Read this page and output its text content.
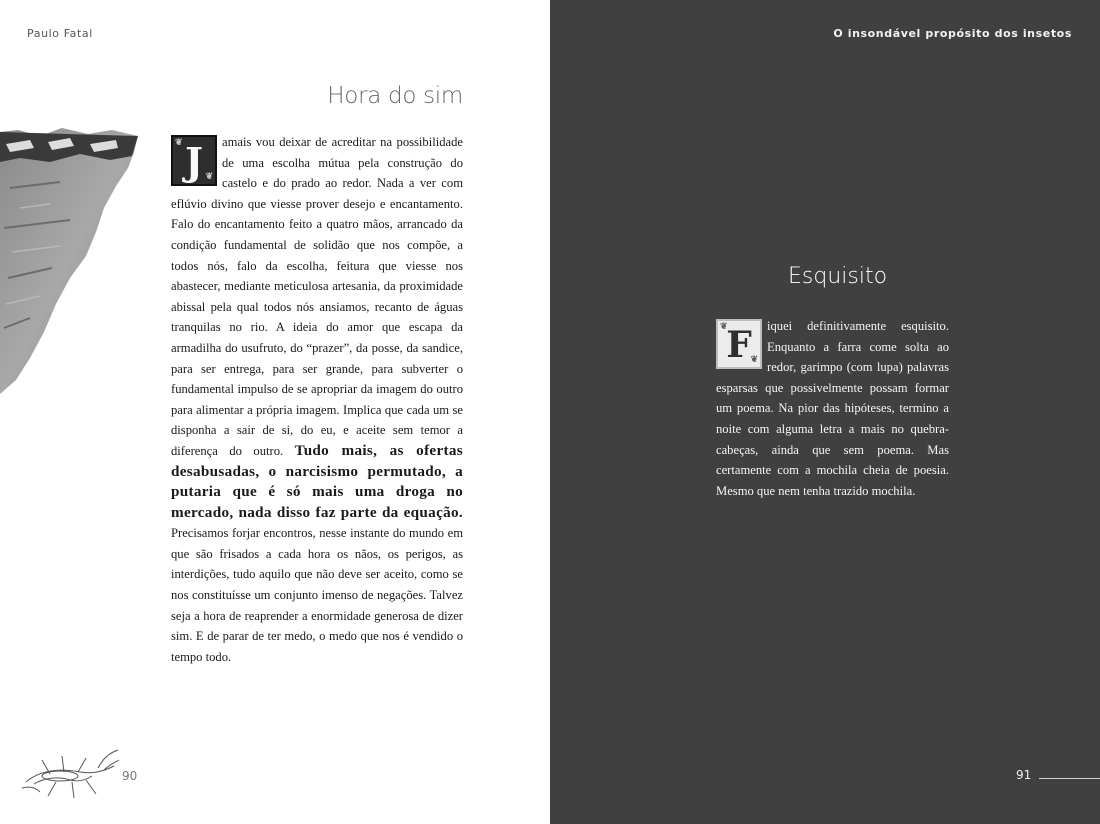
Paulo Fatal
Hora do sim
❦ J ❦
amais vou deixar de acreditar na possibilidade de uma escolha mútua pela construção do castelo e do prado ao redor. Nada a ver com eflúvio divino que viesse prover desejo e encantamento. Falo do encantamento feito a quatro mãos, arrancado da condição fundamental de solidão que nos compõe, a todos nós, falo da escolha, feitura que viesse nos abastecer, mediante meticulosa artesania, da proximidade abissal pela qual todos nós ansiamos, recanto de águas tranquilas no rio. A ideia do amor que escapa da armadilha do usufruto, do “prazer”, da posse, da sandice, para ser entrega, para ser grande, para subverter o fundamental impulso de se apropriar da imagem do outro para alimentar a própria imagem. Implica que cada um se disponha a sair de si, do eu, e aceite sem temor a diferença do outro. Tudo mais, as ofertas desabusadas, o narcisismo permutado, a putaria que é só mais uma droga no mercado, nada disso faz parte da equação. Precisamos forjar encontros, nesse instante do mundo em que são frisados a cada hora os nãos, os perigos, as interdições, tudo aquilo que não deve ser aceito, como se nos constituísse um conjunto imenso de negações. Talvez seja a hora de reaprender a enormidade generosa de dizer sim. E de parar de ter medo, o medo que nos é vendido o tempo todo.
90
O insondável propósito dos insetos
Esquisito
❦
F
❦
iquei definitivamente esquisito. Enquanto a farra come solta ao redor, garimpo (com lupa) palavras esparsas que possivelmente possam formar um poema. Na pior das hipóteses, termino a noite com alguma letra a mais no quebra-cabeças, ainda que sem poema. Mas certamente com a mochila cheia de poesia. Mesmo que nem tenha trazido mochila.
91
